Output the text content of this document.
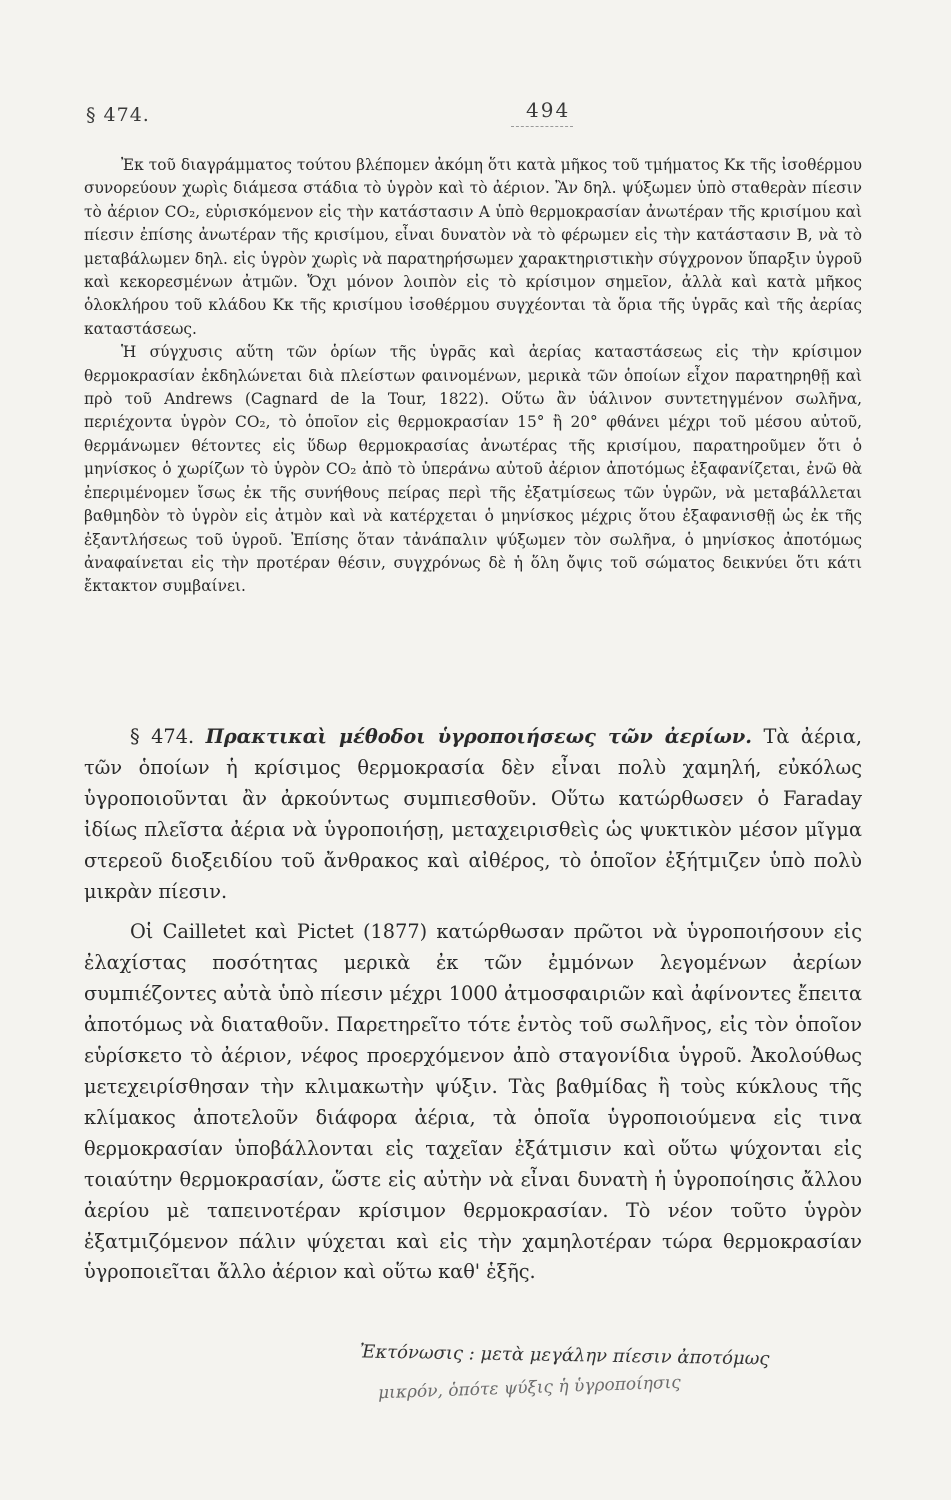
§ 474.	494

Ἐκ τοῦ διαγράμματος τούτου βλέπομεν ἀκόμη ὅτι κατὰ μῆκος τοῦ τμήματος Kκ τῆς ἰσοθέρμου συνορεύουν χωρὶς διάμεσα στάδια τὸ ὑγρὸν καὶ τὸ ἀέριον. Ἂν δηλ. ψύξωμεν ὑπὸ σταθερὰν πίεσιν τὸ ἀέριον CO₂, εὑρισκόμενον εἰς τὴν κατάστασιν A ὑπὸ θερμοκρασίαν ἀνωτέραν τῆς κρισίμου καὶ πίεσιν ἐπίσης ἀνωτέραν τῆς κρισίμου, εἶναι δυνατὸν νὰ τὸ φέρωμεν εἰς τὴν κατάστασιν B, νὰ τὸ μεταβάλωμεν δηλ. εἰς ὑγρὸν χωρὶς νὰ παρατηρήσωμεν χαρακτηριστικὴν σύγχρονον ὕπαρξιν ὑγροῦ καὶ κεκορεσμένων ἀτμῶν. Ὄχι μόνον λοιπὸν εἰς τὸ κρίσιμον σημεῖον, ἀλλὰ καὶ κατὰ μῆκος ὁλοκλήρου τοῦ κλάδου Kκ τῆς κρισίμου ἰσοθέρμου συγχέονται τὰ ὅρια τῆς ὑγρᾶς καὶ τῆς ἀερίας καταστάσεως.

Ἡ σύγχυσις αὕτη τῶν ὁρίων τῆς ὑγρᾶς καὶ ἀερίας καταστάσεως εἰς τὴν κρίσιμον θερμοκρασίαν ἐκδηλώνεται διὰ πλείστων φαινομένων, μερικὰ τῶν ὁποίων εἶχον παρατηρηθῇ καὶ πρὸ τοῦ Andrews (Cagnard de la Tour, 1822). Οὕτω ἂν ὑάλινον συντετηγμένον σωλῆνα, περιέχοντα ὑγρὸν CO₂, τὸ ὁποῖον εἰς θερμοκρασίαν 15° ἢ 20° φθάνει μέχρι τοῦ μέσου αὐτοῦ, θερμάνωμεν θέτοντες εἰς ὕδωρ θερμοκρασίας ἀνωτέρας τῆς κρισίμου, παρατηροῦμεν ὅτι ὁ μηνίσκος ὁ χωρίζων τὸ ὑγρὸν CO₂ ἀπὸ τὸ ὑπεράνω αὐτοῦ ἀέριον ἀποτόμως ἐξαφανίζεται, ἐνῶ θὰ ἐπεριμένομεν ἴσως ἐκ τῆς συνήθους πείρας περὶ τῆς ἐξατμίσεως τῶν ὑγρῶν, νὰ μεταβάλλεται βαθμηδὸν τὸ ὑγρὸν εἰς ἀτμὸν καὶ νὰ κατέρχεται ὁ μηνίσκος μέχρις ὅτου ἐξαφανισθῇ ὡς ἐκ τῆς ἐξαντλήσεως τοῦ ὑγροῦ. Ἐπίσης ὅταν τἀνάπαλιν ψύξωμεν τὸν σωλῆνα, ὁ μηνίσκος ἀποτόμως ἀναφαίνεται εἰς τὴν προτέραν θέσιν, συγχρόνως δὲ ἡ ὅλη ὄψις τοῦ σώματος δεικνύει ὅτι κάτι ἔκτακτον συμβαίνει.

§ 474. Πρακτικαὶ μέθοδοι ὑγροποιήσεως τῶν ἀερίων. Τὰ ἀέρια, τῶν ὁποίων ἡ κρίσιμος θερμοκρασία δὲν εἶναι πολὺ χαμηλή, εὐκόλως ὑγροποιοῦνται ἂν ἀρκούντως συμπιεσθοῦν. Οὕτω κατώρθωσεν ὁ Faraday ἰδίως πλεῖστα ἀέρια νὰ ὑγροποιήσῃ, μεταχειρισθεὶς ὡς ψυκτικὸν μέσον μῖγμα στερεοῦ διοξειδίου τοῦ ἄνθρακος καὶ αἰθέρος, τὸ ὁποῖον ἐξήτμιζεν ὑπὸ πολὺ μικρὰν πίεσιν.

Οἱ Cailletet καὶ Pictet (1877) κατώρθωσαν πρῶτοι νὰ ὑγροποιήσουν εἰς ἐλαχίστας ποσότητας μερικὰ ἐκ τῶν ἐμμόνων λεγομένων ἀερίων συμπιέζοντες αὐτὰ ὑπὸ πίεσιν μέχρι 1000 ἀτμοσφαιριῶν καὶ ἀφίνοντες ἔπειτα ἀποτόμως νὰ διαταθοῦν. Παρετηρεῖτο τότε ἐντὸς τοῦ σωλῆνος, εἰς τὸν ὁποῖον εὑρίσκετο τὸ ἀέριον, νέφος προερχόμενον ἀπὸ σταγονίδια ὑγροῦ. Ἀκολούθως μετεχειρίσθησαν τὴν κλιμακωτὴν ψύξιν. Τὰς βαθμίδας ἢ τοὺς κύκλους τῆς κλίμακος ἀποτελοῦν διάφορα ἀέρια, τὰ ὁποῖα ὑγροποιούμενα εἰς τινα θερμοκρασίαν ὑποβάλλονται εἰς ταχεῖαν ἐξάτμισιν καὶ οὕτω ψύχονται εἰς τοιαύτην θερμοκρασίαν, ὥστε εἰς αὐτὴν νὰ εἶναι δυνατὴ ἡ ὑγροποίησις ἄλλου ἀερίου μὲ ταπεινοτέραν κρίσιμον θερμοκρασίαν. Τὸ νέον τοῦτο ὑγρὸν ἐξατμιζόμενον πάλιν ψύχεται καὶ εἰς τὴν χαμηλοτέραν τώρα θερμοκρασίαν ὑγροποιεῖται ἄλλο ἀέριον καὶ οὕτω καθ' ἑξῆς.

Ἐκτόνωσις : μετὰ μεγάλην πίεσιν ἀποτόμως
μικρόν, ὁπότε ψύξις ἡ ὑγροποίησις
